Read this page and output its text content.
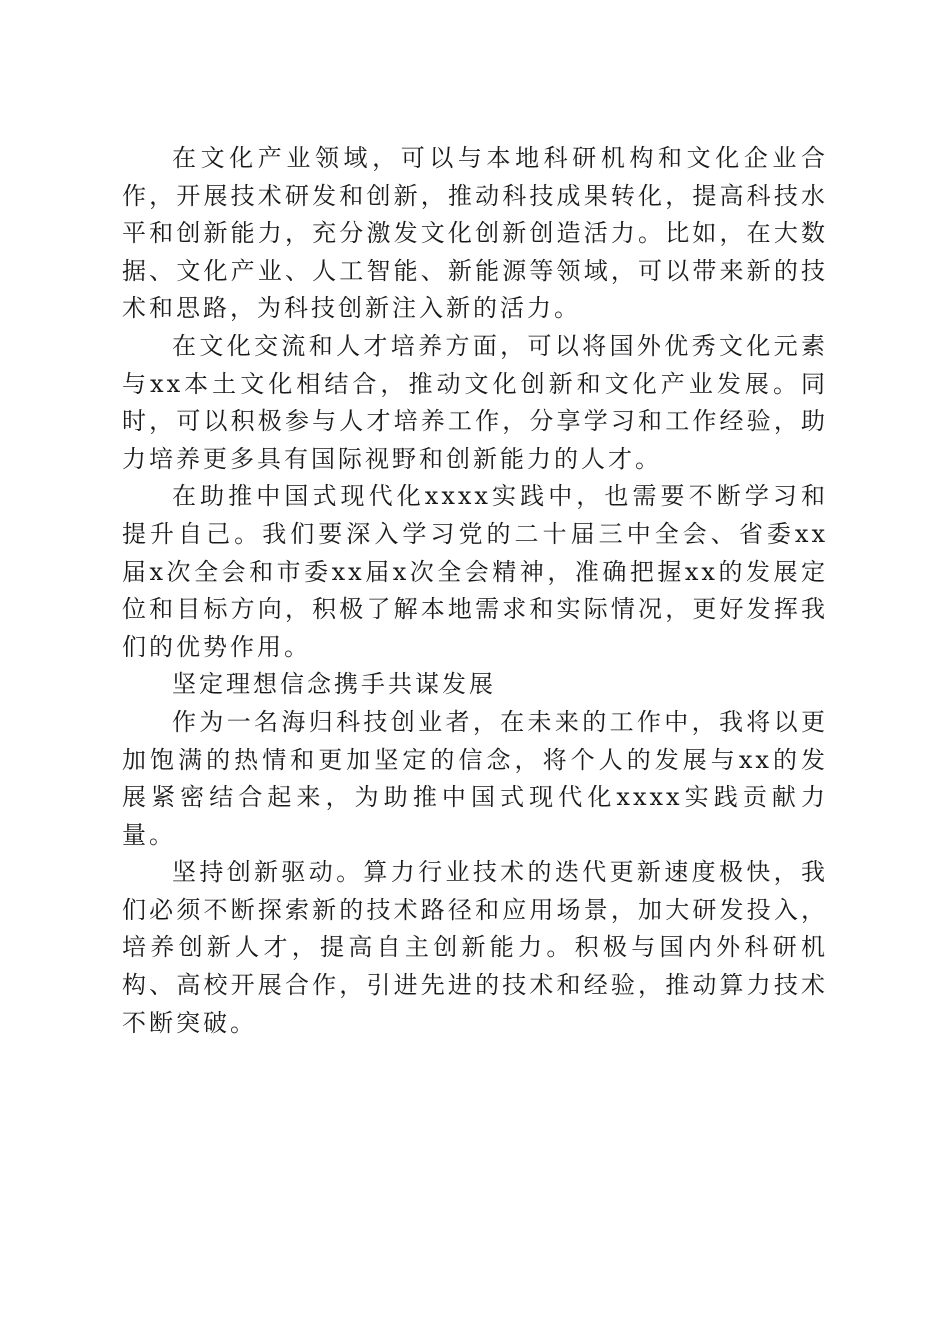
在文化产业领域，可以与本地科研机构和文化企业合作，开展技术研发和创新，推动科技成果转化，提高科技水平和创新能力，充分激发文化创新创造活力。比如，在大数据、文化产业、人工智能、新能源等领域，可以带来新的技术和思路，为科技创新注入新的活力。

在文化交流和人才培养方面，可以将国外优秀文化元素与xx本土文化相结合，推动文化创新和文化产业发展。同时，可以积极参与人才培养工作，分享学习和工作经验，助力培养更多具有国际视野和创新能力的人才。

在助推中国式现代化xxxx实践中，也需要不断学习和提升自己。我们要深入学习党的二十届三中全会、省委xx届x次全会和市委xx届x次全会精神，准确把握xx的发展定位和目标方向，积极了解本地需求和实际情况，更好发挥我们的优势作用。

坚定理想信念携手共谋发展

作为一名海归科技创业者，在未来的工作中，我将以更加饱满的热情和更加坚定的信念，将个人的发展与xx的发展紧密结合起来，为助推中国式现代化xxxx实践贡献力量。

坚持创新驱动。算力行业技术的迭代更新速度极快，我们必须不断探索新的技术路径和应用场景，加大研发投入，培养创新人才，提高自主创新能力。积极与国内外科研机构、高校开展合作，引进先进的技术和经验，推动算力技术不断突破。
